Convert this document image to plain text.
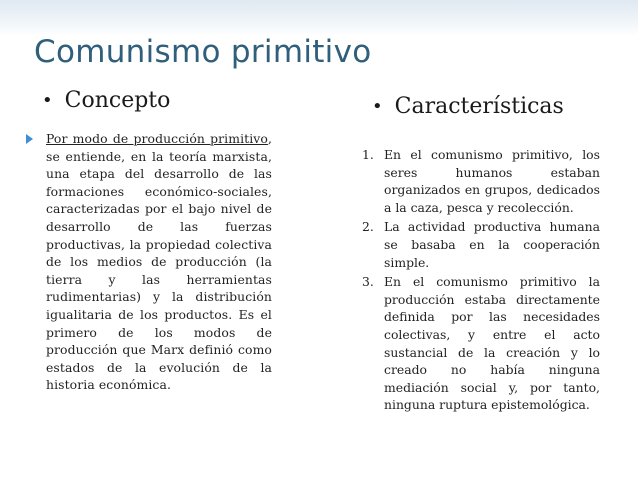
Comunismo primitivo
• Concepto	• Características
Por modo de producción primitivo, se entiende, en la teoría marxista, una etapa del desarrollo de las formaciones económico-sociales, caracterizadas por el bajo nivel de desarrollo de las fuerzas productivas, la propiedad colectiva de los medios de producción (la tierra y las herramientas rudimentarias) y la distribución igualitaria de los productos. Es el primero de los modos de producción que Marx definió como estados de la evolución de la historia económica.
1. En el comunismo primitivo, los seres humanos estaban organizados en grupos, dedicados a la caza, pesca y recolección.
2. La actividad productiva humana se basaba en la cooperación simple.
3. En el comunismo primitivo la producción estaba directamente definida por las necesidades colectivas, y entre el acto sustancial de la creación y lo creado no había ninguna mediación social y, por tanto, ninguna ruptura epistemológica.
